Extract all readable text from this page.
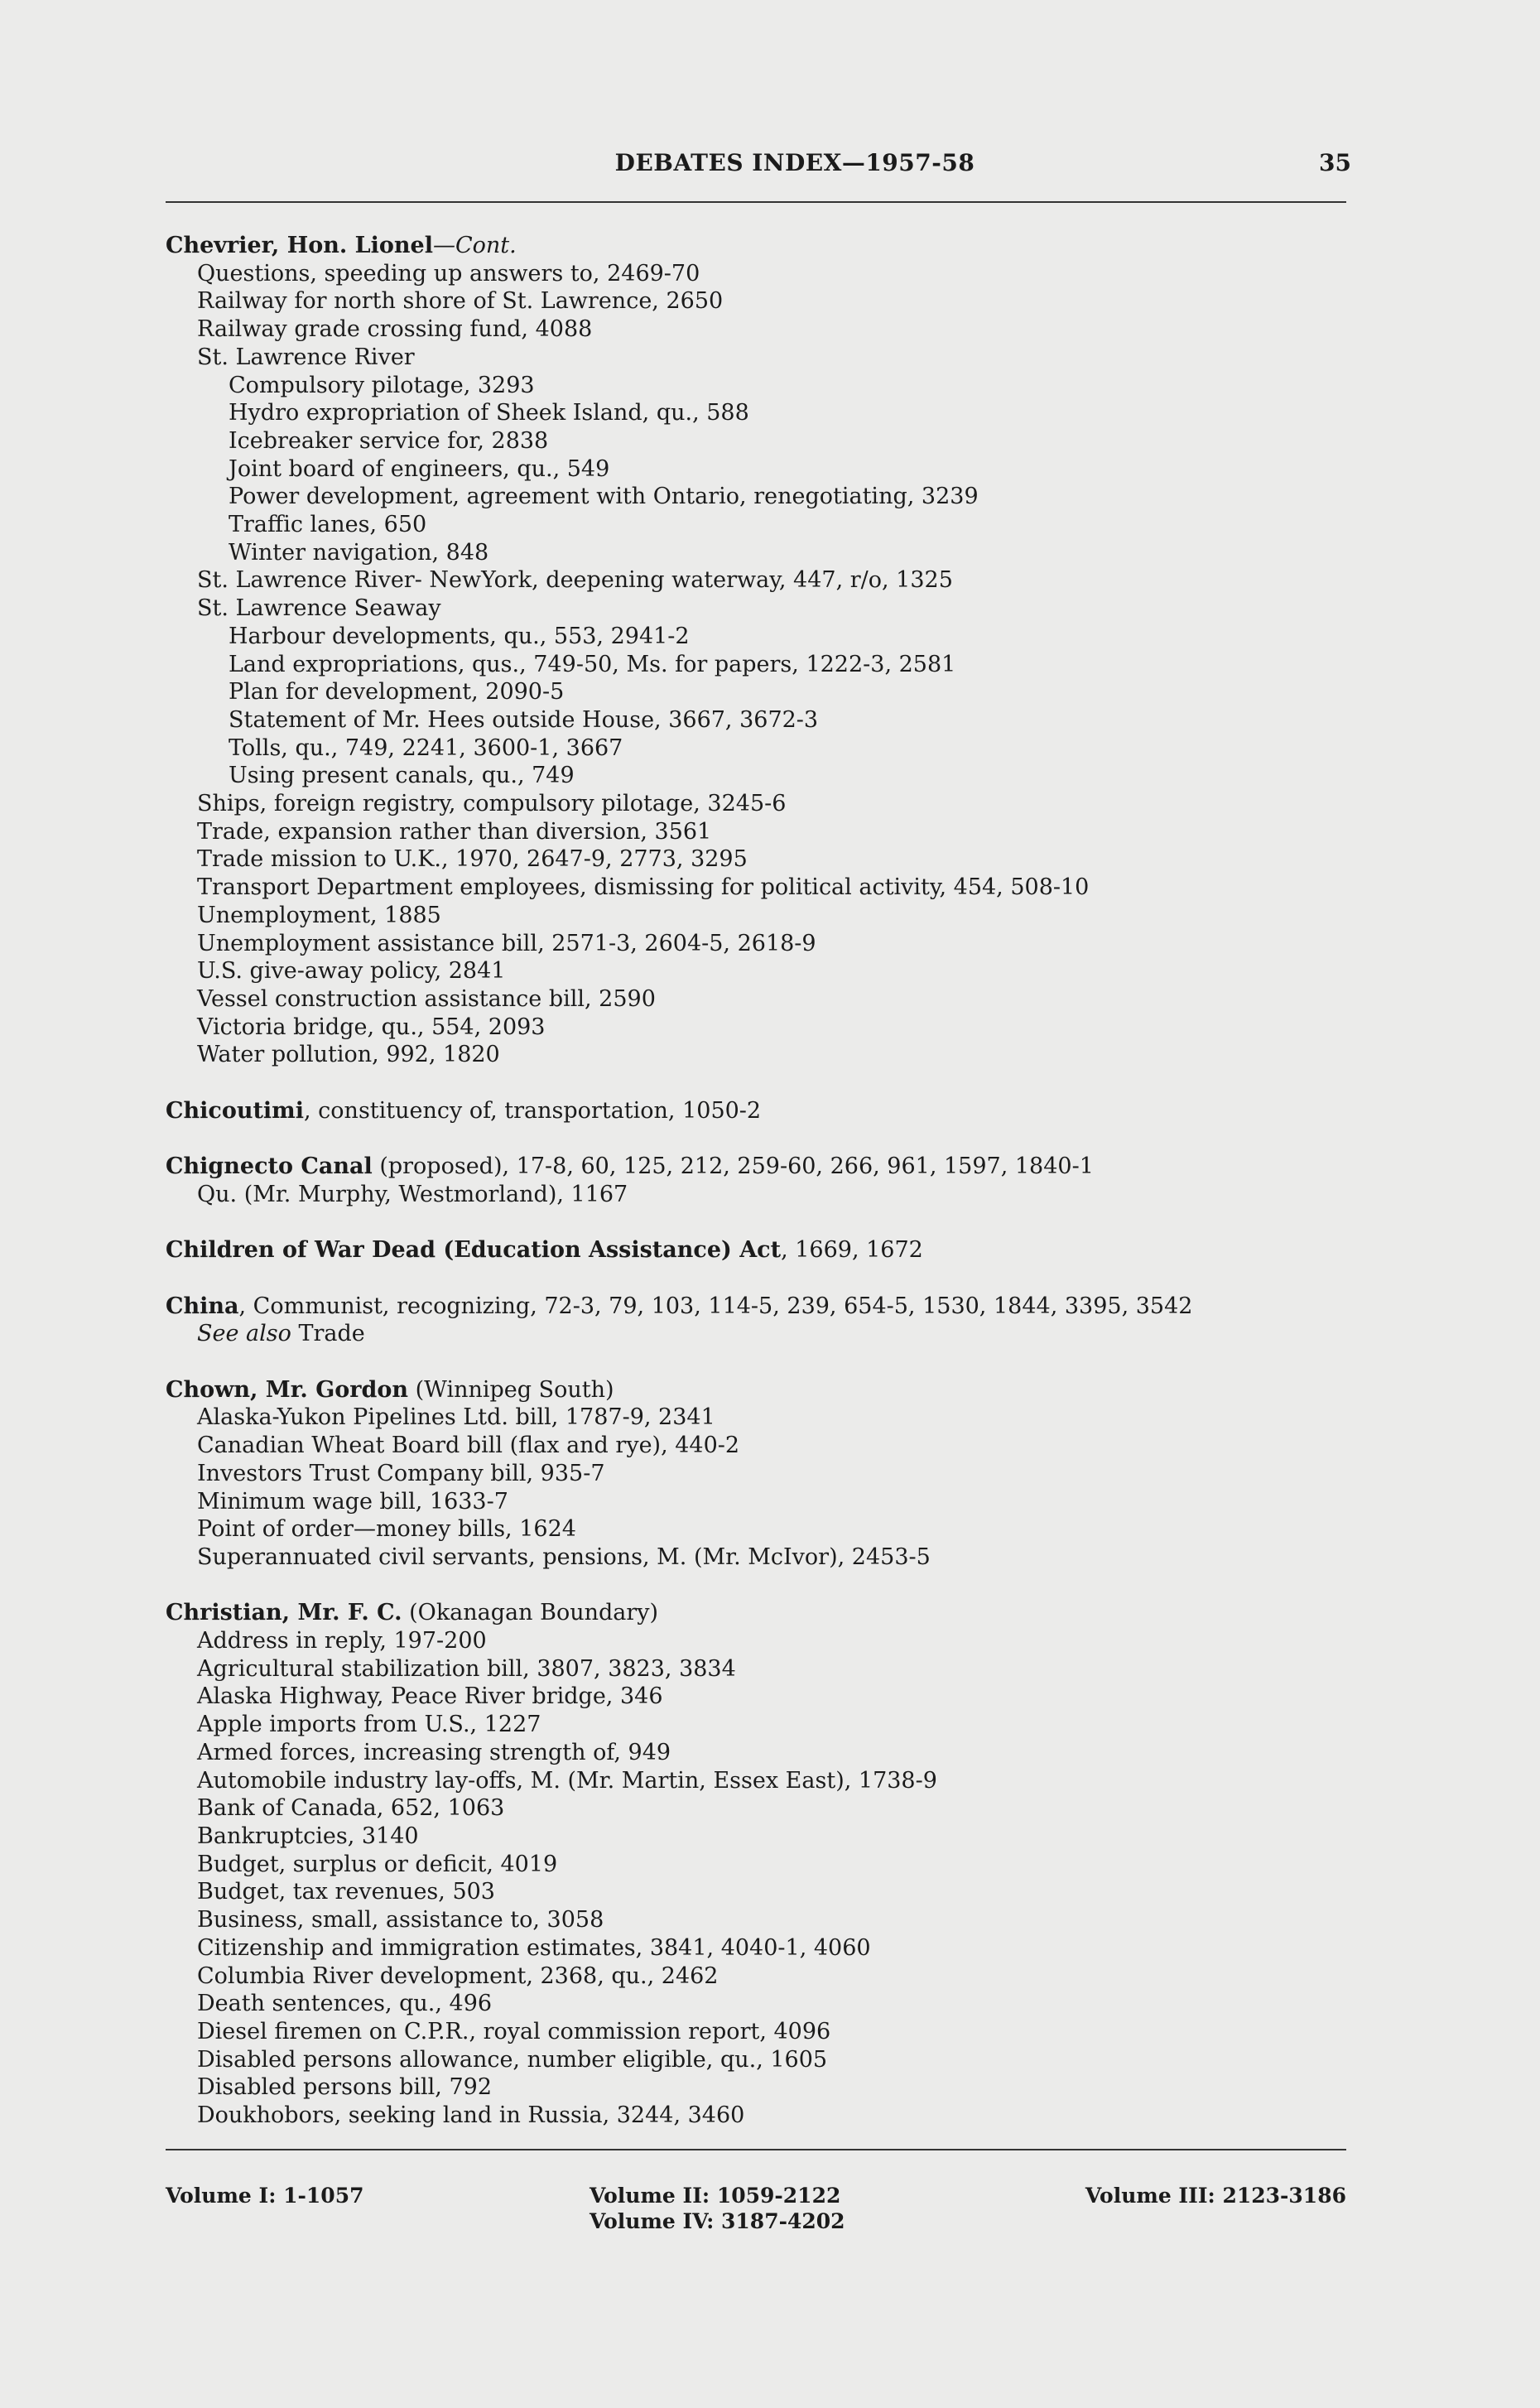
DEBATES INDEX—1957-58	35

Chevrier, Hon. Lionel—Cont.

Questions, speeding up answers to, 2469-70

Railway for north shore of St. Lawrence, 2650

Railway grade crossing fund, 4088

St. Lawrence River

Compulsory pilotage, 3293

Hydro expropriation of Sheek Island, qu., 588

Icebreaker service for, 2838

Joint board of engineers, qu., 549

Power development, agreement with Ontario, renegotiating, 3239

Traffic lanes, 650

Winter navigation, 848

St. Lawrence River- NewYork, deepening waterway, 447, r/o, 1325

St. Lawrence Seaway

Harbour developments, qu., 553, 2941-2

Land expropriations, qus., 749-50, Ms. for papers, 1222-3, 2581

Plan for development, 2090-5

Statement of Mr. Hees outside House, 3667, 3672-3

Tolls, qu., 749, 2241, 3600-1, 3667

Using present canals, qu., 749

Ships, foreign registry, compulsory pilotage, 3245-6

Trade, expansion rather than diversion, 3561

Trade mission to U.K., 1970, 2647-9, 2773, 3295

Transport Department employees, dismissing for political activity, 454, 508-10

Unemployment, 1885

Unemployment assistance bill, 2571-3, 2604-5, 2618-9

U.S. give-away policy, 2841

Vessel construction assistance bill, 2590

Victoria bridge, qu., 554, 2093

Water pollution, 992, 1820

Chicoutimi, constituency of, transportation, 1050-2

Chignecto Canal (proposed), 17-8, 60, 125, 212, 259-60, 266, 961, 1597, 1840-1

Qu. (Mr. Murphy, Westmorland), 1167

Children of War Dead (Education Assistance) Act, 1669, 1672

China, Communist, recognizing, 72-3, 79, 103, 114-5, 239, 654-5, 1530, 1844, 3395, 3542

See also Trade

Chown, Mr. Gordon (Winnipeg South)

Alaska-Yukon Pipelines Ltd. bill, 1787-9, 2341

Canadian Wheat Board bill (flax and rye), 440-2

Investors Trust Company bill, 935-7

Minimum wage bill, 1633-7

Point of order—money bills, 1624

Superannuated civil servants, pensions, M. (Mr. McIvor), 2453-5

Christian, Mr. F. C. (Okanagan Boundary)

Address in reply, 197-200

Agricultural stabilization bill, 3807, 3823, 3834

Alaska Highway, Peace River bridge, 346

Apple imports from U.S., 1227

Armed forces, increasing strength of, 949

Automobile industry lay-offs, M. (Mr. Martin, Essex East), 1738-9

Bank of Canada, 652, 1063

Bankruptcies, 3140

Budget, surplus or deficit, 4019

Budget, tax revenues, 503

Business, small, assistance to, 3058

Citizenship and immigration estimates, 3841, 4040-1, 4060

Columbia River development, 2368, qu., 2462

Death sentences, qu., 496

Diesel firemen on C.P.R., royal commission report, 4096

Disabled persons allowance, number eligible, qu., 1605

Disabled persons bill, 792

Doukhobors, seeking land in Russia, 3244, 3460

Volume I: 1-1057	Volume II: 1059-2122
Volume IV: 3187-4202
Volume III: 2123-3186
